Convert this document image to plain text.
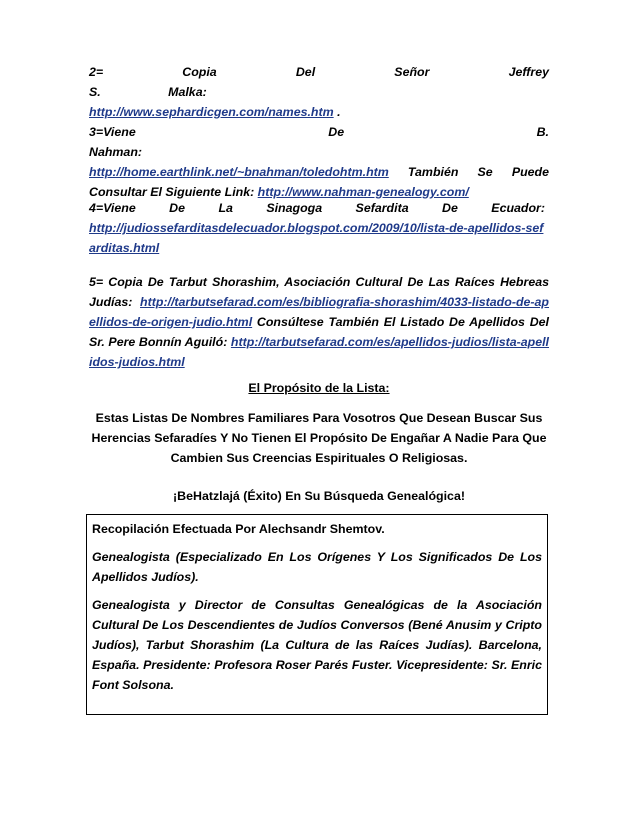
2= Copia Del Señor Jeffrey S. Malka:
http://www.sephardicgen.com/names.htm .

3=Viene De B. Nahman:
http://home.earthlink.net/~bnahman/toledohtm.htm También Se Puede Consultar El Siguiente Link: http://www.nahman-genealogy.com/

4=Viene De La Sinagoga Sefardita De Ecuador:
http://judiossefarditasdelecuador.blogspot.com/2009/10/lista-de-apellidos-sefarditas.html

5= Copia De Tarbut Shorashim, Asociación Cultural De Las Raíces Hebreas Judías: http://tarbutsefarad.com/es/bibliografia-shorashim/4033-listado-de-apellidos-de-origen-judio.html Consúltese También El Listado De Apellidos Del Sr. Pere Bonnín Aguiló: http://tarbutsefarad.com/es/apellidos-judios/lista-apellidos-judios.html

El Propósito de la Lista:

Estas Listas De Nombres Familiares Para Vosotros Que Desean Buscar Sus Herencias Sefaradíes Y No Tienen El Propósito De Engañar A Nadie Para Que Cambien Sus Creencias Espirituales O Religiosas.

¡BeHatzlajá (Éxito) En Su Búsqueda Genealógica!

Recopilación Efectuada Por Alechsandr Shemtov.

Genealogista (Especializado En Los Orígenes Y Los Significados De Los Apellidos Judíos).

Genealogista y Director de Consultas Genealógicas de la Asociación Cultural De Los Descendientes de Judíos Conversos (Bené Anusim y Cripto Judíos), Tarbut Shorashim (La Cultura de las Raíces Judías). Barcelona, España. Presidente: Profesora Roser Parés Fuster. Vicepresidente: Sr. Enric Font Solsona.
